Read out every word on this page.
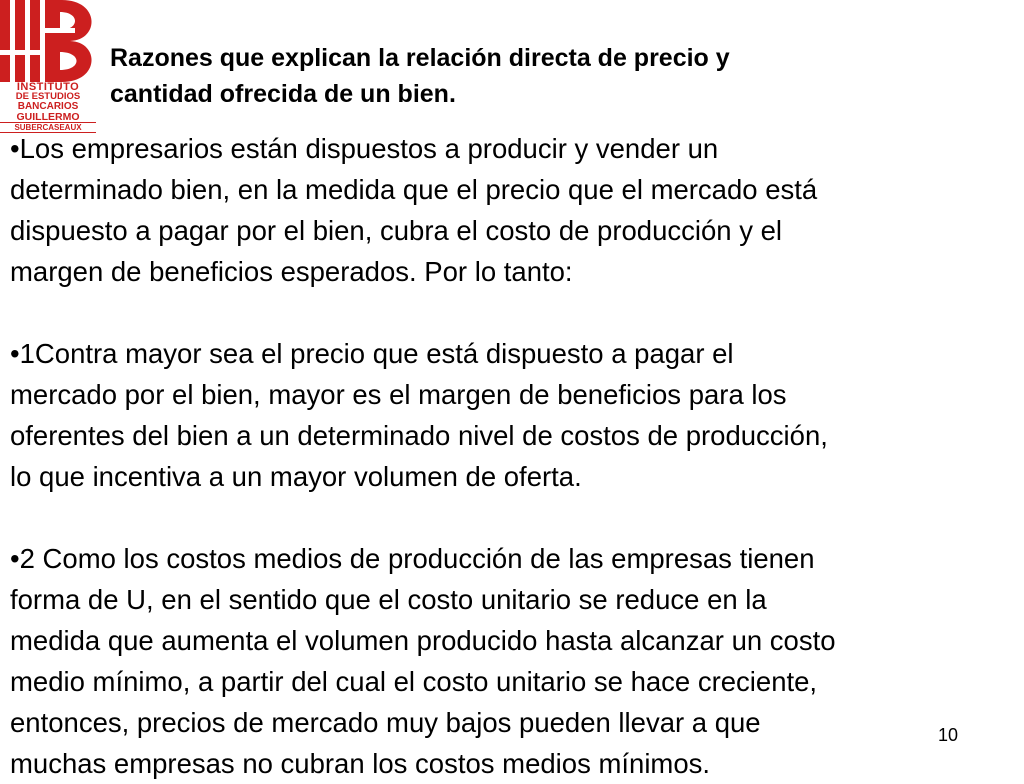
INSTITUTO
DE ESTUDIOS
BANCARIOS
GUILLERMO
SUBERCASEAUX
Razones que explican la relación directa de precio y
cantidad ofrecida de un bien.
•Los empresarios están dispuestos a producir y vender un
determinado bien, en la medida que el precio que el mercado está
dispuesto a pagar por el bien, cubra el costo de producción y el
margen de beneficios esperados. Por lo tanto:
•1Contra mayor sea el precio que está dispuesto a pagar el
mercado por el bien, mayor es el margen de beneficios para los
oferentes del bien a un determinado nivel de costos de producción,
lo que incentiva a un mayor volumen de oferta.
•2 Como los costos medios de producción de las empresas tienen
forma de U, en el sentido que el costo unitario se reduce en la
medida que aumenta el volumen producido hasta alcanzar un costo
medio mínimo, a partir del cual el costo unitario se hace creciente,
entonces, precios de mercado muy bajos pueden llevar a que
muchas empresas no cubran los costos medios mínimos.
10
